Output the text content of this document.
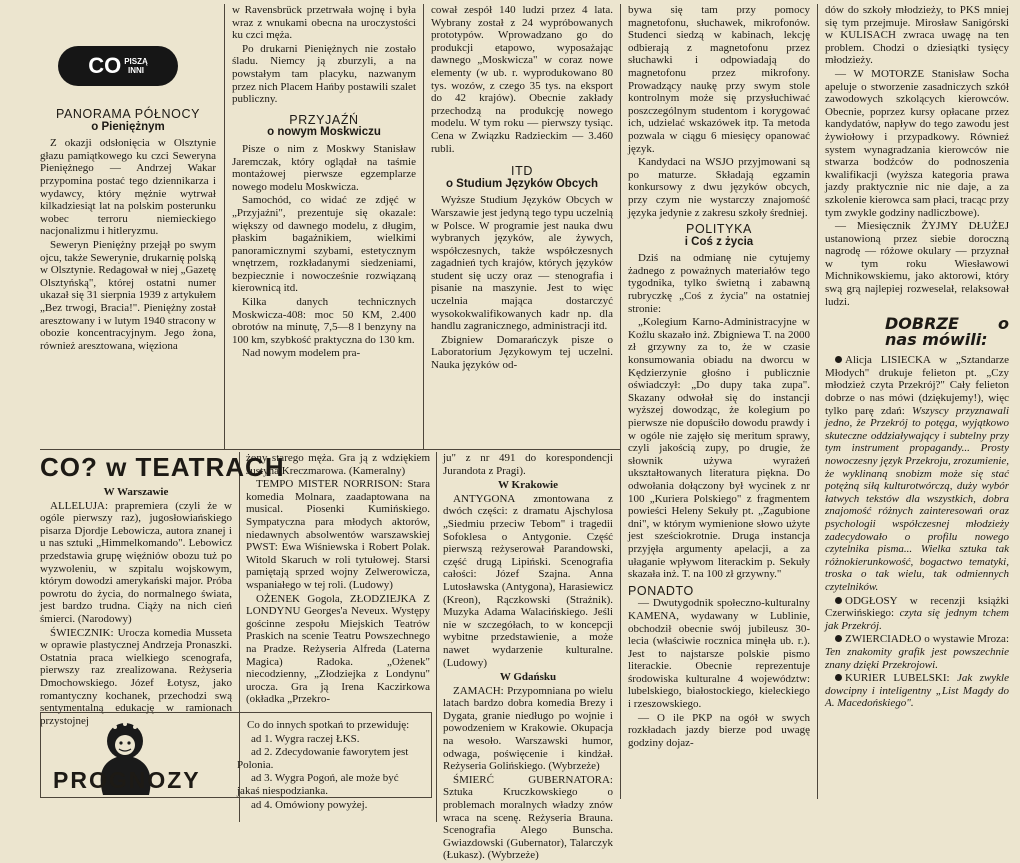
CO PISZĄ
INNI
PANORAMA PÓŁNOCY
o Pieniężnym

Z okazji odsłonięcia w Olsztynie głazu pamiątkowego ku czci Seweryna Pieniężnego — Andrzej Wakar przypomina postać tego dziennikarza i wydawcy, który mężnie wytrwał kilkadziesiąt lat na polskim posterunku wobec terroru niemieckiego nacjonalizmu i hitleryzmu.

Seweryn Pieniężny przejął po swym ojcu, także Sewerynie, drukarnię polską w Olsztynie. Redagował w niej „Gazetę Olsztyńską", której ostatni numer ukazał się 31 sierpnia 1939 z artykułem „Bez trwogi, Bracia!". Pieniężny został aresztowany i w lutym 1940 stracony w obozie koncentracyjnym. Jego żona, również aresztowana, więziona

w Ravensbrück przetrwała wojnę i była wraz z wnukami obecna na uroczystości ku czci męża.

Po drukarni Pieniężnych nie zostało śladu. Niemcy ją zburzyli, a na powstałym tam placyku, nazwanym przez nich Placem Hańby postawili szalet publiczny.

PRZYJAŹŃ
o nowym Moskwiczu

Pisze o nim z Moskwy Stanisław Jaremczak, który oglądał na taśmie montażowej pierwsze egzemplarze nowego modelu Moskwicza.

Samochód, co widać ze zdjęć w „Przyjaźni", prezentuje się okazale: większy od dawnego modelu, z długim, płaskim bagażnikiem, wielkimi panoramicznymi szybami, estetycznym wnętrzem, rozkładanymi siedzeniami, bezpiecznie i nowocześnie rozwiązaną kierownicą itd.

Kilka danych technicznych Moskwicza-408: moc 50 KM, 2.400 obrotów na minutę, 7,5—8 l benzyny na 100 km, szybkość praktyczna do 130 km.

Nad nowym modelem pra-

cował zespół 140 ludzi przez 4 lata. Wybrany został z 24 wypróbowanych prototypów. Wprowadzano go do produkcji etapowo, wyposażając dawnego „Moskwicza" w coraz nowe elementy (w ub. r. wyprodukowano 80 tys. wozów, z czego 35 tys. na eksport do 42 krajów). Obecnie zakłady przechodzą na produkcję nowego modelu. W tym roku — pierwszy tysiąc. Cena w Związku Radzieckim — 3.460 rubli.

ITD
o Studium Języków Obcych

Wyższe Studium Języków Obcych w Warszawie jest jedyną tego typu uczelnią w Polsce. W programie jest nauka dwu wybranych języków, ale żywych, współczesnych, także współczesnych zagadnień tych krajów, których języków student się uczy oraz — stenografia i pisanie na maszynie. Jest to więc uczelnia mająca dostarczyć wysokokwalifikowanych kadr np. dla handlu zagranicznego, administracji itd.

Zbigniew Domarańczyk pisze o Laboratorium Językowym tej uczelni. Nauka języków od-

bywa się tam przy pomocy magnetofonu, słuchawek, mikrofonów. Studenci siedzą w kabinach, lekcję odbierają z magnetofonu przez słuchawki i odpowiadają do magnetofonu przez mikrofony. Prowadzący naukę przy swym stole kontrolnym może się przysłuchiwać poszczególnym studentom i korygować ich, udzielać wskazówek itp. Ta metoda pozwala w ciągu 6 miesięcy opanować język.

Kandydaci na WSJO przyjmowani są po maturze. Składają egzamin konkursowy z dwu języków obcych, przy czym nie wystarczy znajomość języka jedynie z zakresu szkoły średniej.

POLITYKA
i Coś z życia

Dziś na odmianę nie cytujemy żadnego z poważnych materiałów tego tygodnika, tylko świetną i zabawną rubryczkę „Coś z życia" na ostatniej stronie:

„Kolegium Karno-Administracyjne w Koźlu skazało inż. Zbigniewa T. na 2000 zł grzywny za to, że w czasie konsumowania obiadu na dworcu w Kędzierzynie głośno i publicznie oświadczył: „Do dupy taka zupa". Skazany odwołał się do instancji wyższej dowodząc, że kolegium po pierwsze nie dopuściło dowodu prawdy i w ogóle nie zajęło się meritum sprawy, czyli jakością zupy, po drugie, że słownik używa wyrażeń ukształtowanych literatura piękna. Do odwołania dołączony był wycinek z nr 100 „Kuriera Polskiego" z fragmentem powieści Heleny Sekuły pt. „Zagubione dni", w którym wymienione słowo użyte jest sześciokrotnie. Druga instancja przyjęła argumenty apelacji, a za ułaganie wpływom literackim p. Sekuły skazała inż. T. na 100 zł grzywny."

PONADTO

— Dwutygodnik społeczno-kulturalny KAMENA, wydawany w Lublinie, obchodził obecnie swój jubileusz 30-lecia (właściwie rocznica minęła ub. r.). Jest to najstarsze polskie pismo literackie. Obecnie reprezentuje środowiska kulturalne 4 województw: lubelskiego, białostockiego, kieleckiego i rzeszowskiego.

— O ile PKP na ogół w swych rozkładach jazdy bierze pod uwagę godziny dojaz-

dów do szkoły młodzieży, to PKS mniej się tym przejmuje. Mirosław Sanigórski w KULISACH zwraca uwagę na ten problem. Chodzi o dziesiątki tysięcy młodzieży.

— W MOTORZE Stanisław Socha apeluje o stworzenie zasadniczych szkół zawodowych szkolących kierowców. Obecnie, poprzez kursy opłacane przez kandydatów, napływ do tego zawodu jest żywiołowy i przypadkowy. Równieź system wynagradzania kierowców nie stwarza bodźców do podnoszenia kwalifikacji (wyższa kategoria prawa jazdy praktycznie nic nie daje, a za szkolenie kierowca sam płaci, tracąc przy tym zwykle godziny nadliczbowe).

— Miesięcznik ŻYJMY DŁUŻEJ ustanowioną przez siebie doroczną nagrodę — różowe okulary — przyznał w tym roku Wiesławowi Michnikowskiemu, jako aktorowi, który swą grą najlepiej rozweselał, relaksował ludzi.

DOBRZE o nas mówili:

Alicja LISIECKA w „Sztandarze Młodych" drukuje felieton pt. „Czy młodzież czyta Przekrój?" Cały felieton dobrze o nas mówi (dziękujemy!), więc tylko parę zdań: Wszyscy przyznawali jedno, że Przekrój to potęga, wyjątkowo skuteczne oddziaływający i subtelny przy tym instrument propagandy... Prosty nowoczesny język Przekroju, zrozumienie, że wyklinaną snobizm może się stać potężną siłą kulturotwórczą, duży wybór łatwych tekstów dla wszystkich, dobra znajomość różnych zainteresowań oraz psychologii współczesnej młodzieży zadecydowało o profilu nowego czytelnika pisma... Wielka sztuka tak różnokierunkowość, bogactwo tematyki, troska o tak wielu, tak odmiennych czytelników.

ODGŁOSY w recenzji książki Czerwińskiego: czyta się jednym tchem jak Przekrój.

ZWIERCIADŁO o wystawie Mroza: Ten znakomity grafik jest powszechnie znany dzięki Przekrojowi.

KURIER LUBELSKI: Jak zwykle dowcipny i inteligentny „List Magdy do A. Macedońskiego".

CO? w TEATRACH
W Warszawie

ALLELUJA: prapremiera (czyli że w ogóle pierwszy raz), jugosłowiańskiego pisarza Djordje Lebowicza, autora znanej i u nas sztuki „Himmelkomando". Lebowicz przedstawia grupę więźniów obozu tuż po wyzwoleniu, w szpitalu wojskowym, którym dowodzi amerykański major. Próba powrotu do życia, do normalnego świata, jest bardzo trudna. Ciąży na nich cień śmierci. (Narodowy)

ŚWIECZNIK: Urocza komedia Musseta w oprawie plastycznej Andrzeja Pronaszki. Ostatnia praca wielkiego scenografa, pierwszy raz zrealizowana. Reżyseria Dmochowskiego. Józef Łotysz, jako romantyczny kochanek, przechodzi swą sentymentalną edukację w ramionach przystojnej

żony starego męża. Gra ją z wdziękiem Justyna Kreczmarowa. (Kameralny)

TEMPO MISTER NORRISON: Stara komedia Molnara, zaadaptowana na musical. Piosenki Kumińskiego. Sympatyczna para młodych aktorów, niedawnych absolwentów warszawskiej PWST: Ewa Wiśniewska i Robert Polak. Witold Skaruch w roli tytułowej. Starsi pamiętają sprzed wojny Zelwerowicza, wspaniałego w tej roli. (Ludowy)

OŻENEK Gogola, ZŁODZIEJKA Z LONDYNU Georges'a Neveux. Występy gościnne zespołu Miejskich Teatrów Praskich na scenie Teatru Powszechnego na Pradze. Reżyseria Alfreda (Laterna Magica) Radoka. „Ożenek" niecodzienny, „Złodziejka z Londynu" urocza. Gra ją Irena Kaczirkowa (okładka „Przekro-

ju" z nr 491 do korespondencji Jurandota z Pragi).

W Krakowie

ANTYGONA zmontowana z dwóch części: z dramatu Ajschylosa „Siedmiu przeciw Tebom" i tragedii Sofoklesa o Antygonie. Część pierwszą reżyserował Parandowski, część drugą Lipiński. Scenografia całości: Józef Szajna. Anna Lutosławska (Antygona), Harasiewicz (Kreon), Rączkowski (Strażnik). Muzyka Adama Walacińskiego. Jeśli nie w szczegółach, to w koncepcji wybitne przedstawienie, a może nawet wydarzenie kulturalne. (Ludowy)

W Gdańsku

ZAMACH: Przypomniana po wielu latach bardzo dobra komedia Brezy i Dygata, granie niedługo po wojnie i powodzeniem w Krakowie. Okupacja na wesoło. Warszawski humor, odwaga, poświęcenie i kindżał. Reżyseria Golińskiego. (Wybrzeże)

ŚMIERĆ GUBERNATORA: Sztuka Kruczkowskiego o problemach moralnych władzy znów wraca na scenę. Reżyseria Brauna. Scenografia Alego Bunscha. Gwiazdowski (Gubernator), Talarczyk (Łukasz). (Wybrzeże)

PROGNOZY

Co do innych spotkań to przewiduję:

ad 1. Wygra raczej ŁKS.

ad 2. Zdecydowanie faworytem jest Polonia.

ad 3. Wygra Pogoń, ale może być jakaś niespodzianka.

ad 4. Omówiony powyżej.
